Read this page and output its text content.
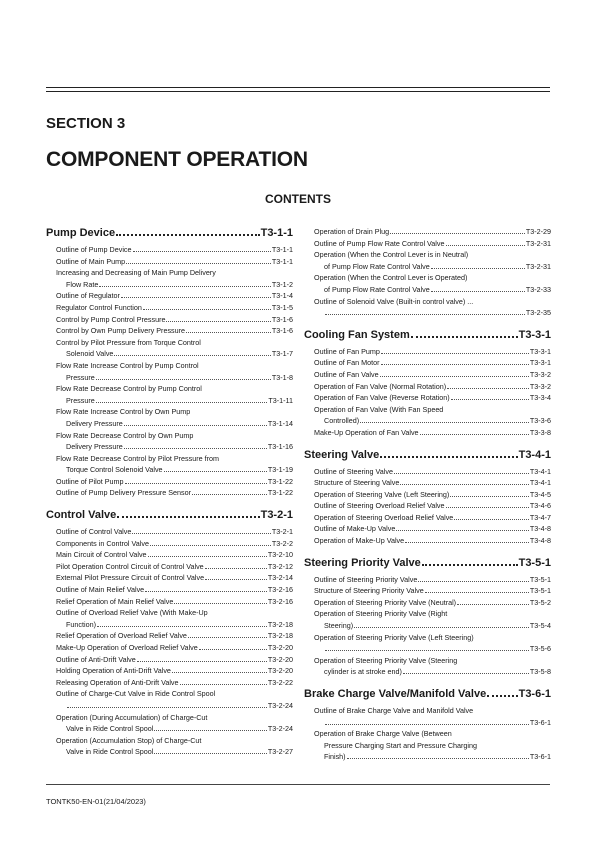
SECTION 3
COMPONENT OPERATION
CONTENTS
Pump Device	T3-1-1
Outline of Pump Device	T3-1-1
Outline of Main Pump	T3-1-1
Increasing and Decreasing of Main Pump Delivery
Flow Rate	T3-1-2
Outline of Regulator	T3-1-4
Regulator Control Function	T3-1-5
Control by Pump Control Pressure	T3-1-6
Control by Own Pump Delivery Pressure	T3-1-6
Control by Pilot Pressure from Torque Control
Solenoid Valve	T3-1-7
Flow Rate Increase Control by Pump Control
Pressure	T3-1-8
Flow Rate Decrease Control by Pump Control
Pressure	T3-1-11
Flow Rate Increase Control by Own Pump
Delivery Pressure	T3-1-14
Flow Rate Decrease Control by Own Pump
Delivery Pressure	T3-1-16
Flow Rate Decrease Control by Pilot Pressure from
Torque Control Solenoid Valve	T3-1-19
Outline of Pilot Pump	T3-1-22
Outline of Pump Delivery Pressure Sensor	T3-1-22
Control Valve	T3-2-1
Outline of Control Valve	T3-2-1
Components in Control Valve	T3-2-2
Main Circuit of Control Valve	T3-2-10
Pilot Operation Control Circuit of Control Valve	T3-2-12
External Pilot Pressure Circuit of Control Valve	T3-2-14
Outline of Main Relief Valve	T3-2-16
Relief Operation of Main Relief Valve	T3-2-16
Outline of Overload Relief Valve (With Make-Up
Function)	T3-2-18
Relief Operation of Overload Relief Valve	T3-2-18
Make-Up Operation of Overload Relief Valve	T3-2-20
Outline of Anti-Drift Valve	T3-2-20
Holding Operation of Anti-Drift Valve	T3-2-20
Releasing Operation of Anti-Drift Valve	T3-2-22
Outline of Charge-Cut Valve in Ride Control Spool
T3-2-24
Operation (During Accumulation) of Charge-Cut
Valve in Ride Control Spool	T3-2-24
Operation (Accumulation Stop) of Charge-Cut
Valve in Ride Control Spool	T3-2-27
Operation of Drain Plug	T3-2-29
Outline of Pump Flow Rate Control Valve	T3-2-31
Operation (When the Control Lever is in Neutral)
of Pump Flow Rate Control Valve	T3-2-31
Operation (When the Control Lever is Operated)
of Pump Flow Rate Control Valve	T3-2-33
Outline of Solenoid Valve (Built-in control valve) ...
T3-2-35
Cooling Fan System	T3-3-1
Outline of Fan Pump	T3-3-1
Outline of Fan Motor	T3-3-1
Outline of Fan Valve	T3-3-2
Operation of Fan Valve (Normal Rotation)	T3-3-2
Operation of Fan Valve (Reverse Rotation)	T3-3-4
Operation of Fan Valve (With Fan Speed
Controlled)	T3-3-6
Make-Up Operation of Fan Valve	T3-3-8
Steering Valve	T3-4-1
Outline of Steering Valve	T3-4-1
Structure of Steering Valve	T3-4-1
Operation of Steering Valve (Left Steering)	T3-4-5
Outline of Steering Overload Relief Valve	T3-4-6
Operation of Steering Overload Relief Valve	T3-4-7
Outline of Make-Up Valve	T3-4-8
Operation of Make-Up Valve	T3-4-8
Steering Priority Valve	T3-5-1
Outline of Steering Priority Valve	T3-5-1
Structure of Steering Priority Valve	T3-5-1
Operation of Steering Priority Valve (Neutral)	T3-5-2
Operation of Steering Priority Valve (Right
Steering)	T3-5-4
Operation of Steering Priority Valve (Left Steering)
T3-5-6
Operation of Steering Priority Valve (Steering
cylinder is at stroke end)	T3-5-8
Brake Charge Valve/Manifold Valve	T3-6-1
Outline of Brake Charge Valve and Manifold Valve
T3-6-1
Operation of Brake Charge Valve (Between
Pressure Charging Start and Pressure Charging
Finish)	T3-6-1
TONTK50-EN-01(21/04/2023)
